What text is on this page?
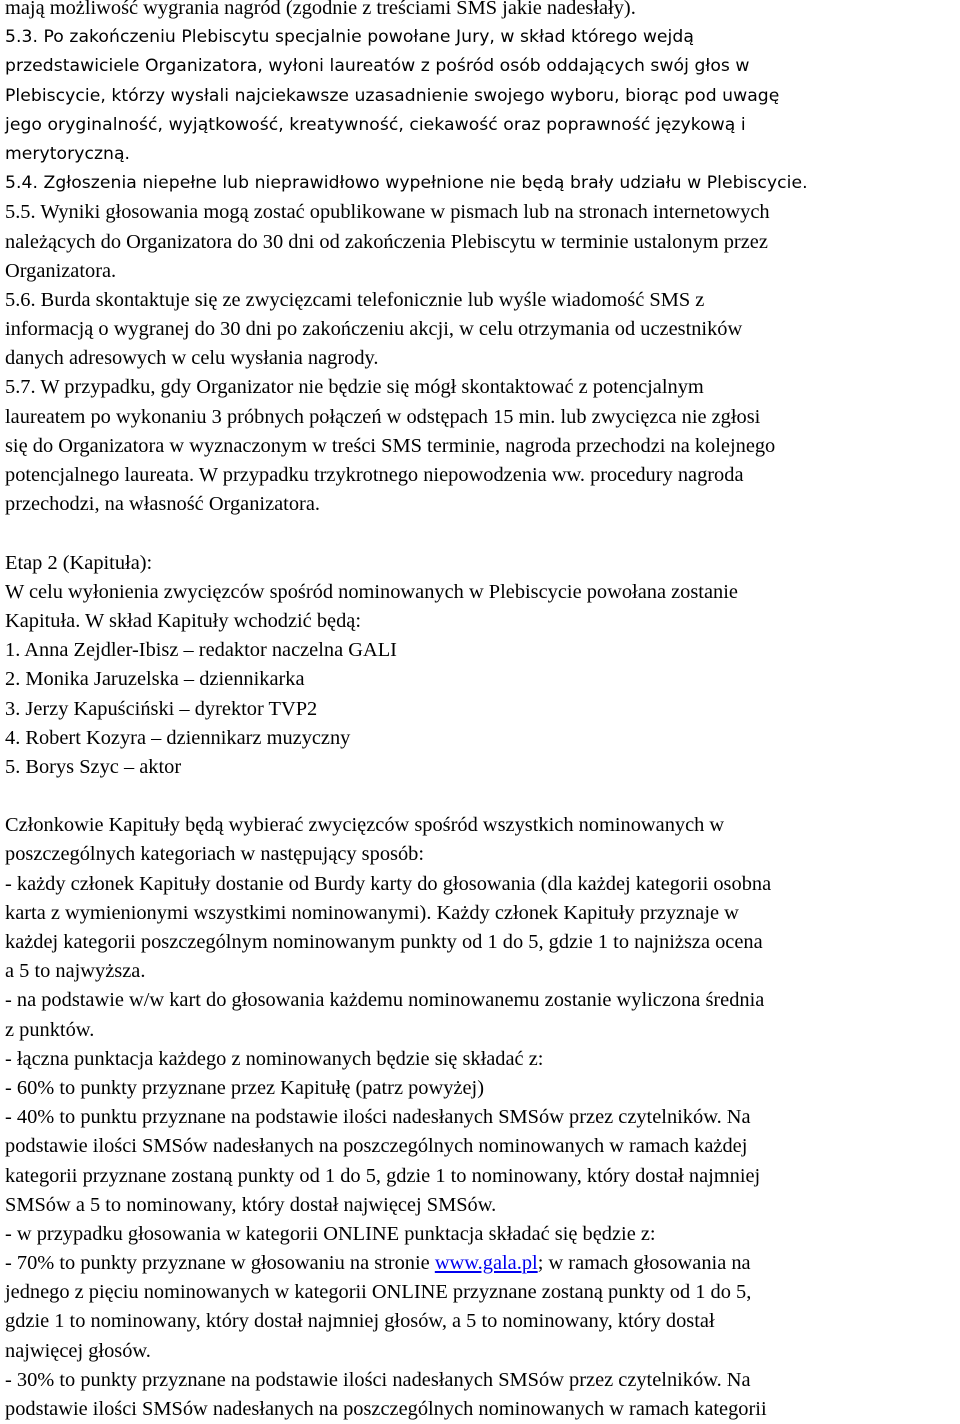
mają możliwość wygrania nagród (zgodnie z treściami SMS jakie nadesłały).
5.3. Po zakończeniu Plebiscytu specjalnie powołane Jury, w skład którego wejdą
przedstawiciele Organizatora, wyłoni laureatów z pośród osób oddających swój głos w
Plebiscycie, którzy wysłali najciekawsze uzasadnienie swojego wyboru, biorąc pod uwagę
jego oryginalność, wyjątkowość, kreatywność, ciekawość oraz poprawność językową i
merytoryczną.
5.4. Zgłoszenia niepełne lub nieprawidłowo wypełnione nie będą brały udziału w Plebiscycie.
5.5. Wyniki głosowania mogą zostać opublikowane w pismach lub na stronach internetowych
należących do Organizatora do 30 dni od zakończenia Plebiscytu w terminie ustalonym przez
Organizatora.
5.6. Burda skontaktuje się ze zwycięzcami telefonicznie lub wyśle wiadomość SMS z
informacją o wygranej do 30 dni po zakończeniu akcji, w celu otrzymania od uczestników
danych adresowych w celu wysłania nagrody.
5.7. W przypadku, gdy Organizator nie będzie się mógł skontaktować z potencjalnym
laureatem po wykonaniu 3 próbnych połączeń w odstępach 15 min. lub zwycięzca nie zgłosi
się do Organizatora w wyznaczonym w treści SMS terminie, nagroda przechodzi na kolejnego
potencjalnego laureata. W przypadku trzykrotnego niepowodzenia ww. procedury nagroda
przechodzi, na własność Organizatora.
Etap 2 (Kapituła):
W celu wyłonienia zwycięzców spośród nominowanych w Plebiscycie powołana zostanie
Kapituła. W skład Kapituły wchodzić będą:
1. Anna Zejdler-Ibisz – redaktor naczelna GALI
2. Monika Jaruzelska – dziennikarka
3. Jerzy Kapuściński – dyrektor TVP2
4. Robert Kozyra – dziennikarz muzyczny
5. Borys Szyc – aktor
Członkowie Kapituły będą wybierać zwycięzców spośród wszystkich nominowanych w
poszczególnych kategoriach w następujący sposób:
- każdy członek Kapituły dostanie od Burdy karty do głosowania (dla każdej kategorii osobna
karta z wymienionymi wszystkimi nominowanymi). Każdy członek Kapituły przyznaje w
każdej kategorii poszczególnym nominowanym punkty od 1 do 5, gdzie 1 to najniższa ocena
a 5 to najwyższa.
- na podstawie w/w kart do głosowania każdemu nominowanemu zostanie wyliczona średnia
z punktów.
- łączna punktacja każdego z nominowanych będzie się składać z:
- 60% to punkty przyznane przez Kapitułę (patrz powyżej)
- 40% to punktu przyznane na podstawie ilości nadesłanych SMSów przez czytelników. Na
podstawie ilości SMSów nadesłanych na poszczególnych nominowanych w ramach każdej
kategorii przyznane zostaną punkty od 1 do 5, gdzie 1 to nominowany, który dostał najmniej
SMSów a 5 to nominowany, który dostał najwięcej SMSów.
- w przypadku głosowania w kategorii ONLINE punktacja składać się będzie z:
- 70% to punkty przyznane w głosowaniu na stronie www.gala.pl; w ramach głosowania na
jednego z pięciu nominowanych w kategorii ONLINE przyznane zostaną punkty od 1 do 5,
gdzie 1 to nominowany, który dostał najmniej głosów, a 5 to nominowany, który dostał
najwięcej głosów.
- 30% to punkty przyznane na podstawie ilości nadesłanych SMSów przez czytelników. Na
podstawie ilości SMSów nadesłanych na poszczególnych nominowanych w ramach kategorii
